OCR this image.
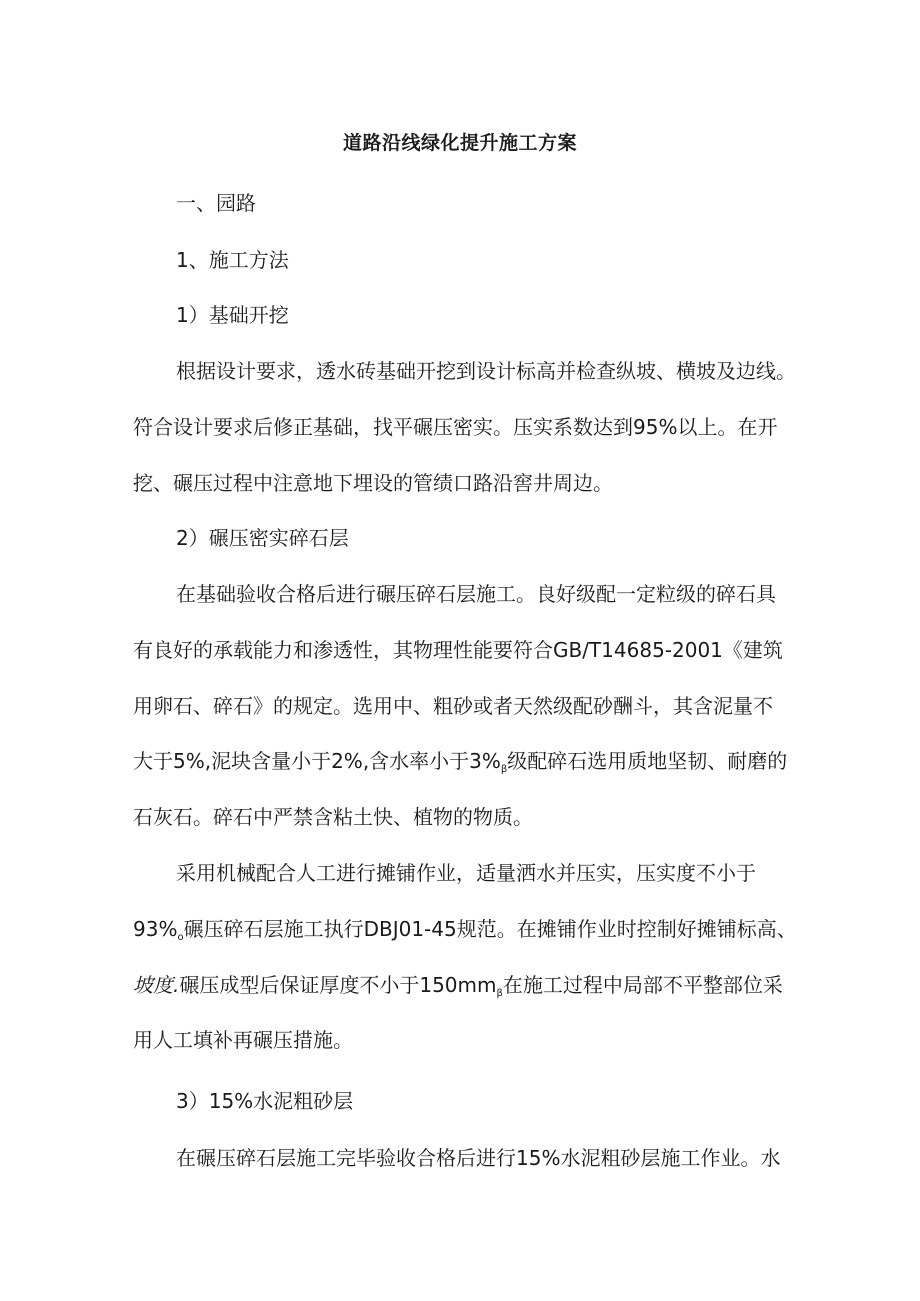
道路沿线绿化提升施工方案
一、园路
1、施工方法
1）基础开挖
根据设计要求，透水砖基础开挖到设计标高并检查纵坡、横坡及边线。
符合设计要求后修正基础，找平碾压密实。压实系数达到95%以上。在开
挖、碾压过程中注意地下埋设的管绩口路沿窖井周边。
2）碾压密实碎石层
在基础验收合格后进行碾压碎石层施工。良好级配一定粒级的碎石具
有良好的承载能力和渗透性，其物理性能要符合GB/T14685-2001《建筑
用卵石、碎石》的规定。选用中、粗砂或者天然级配砂酬斗，其含泥量不
大于5%,泥块含量小于2%,含水率小于$3\%_\beta$级配碎石选用质地坚韧、耐磨的
石灰石。碎石中严禁含粘土快、植物的物质。
采用机械配合人工进行摊铺作业，适量洒水并压实，压实度不小于
$93\%_o$碾压碎石层施工执行DBJ01-45规范。在摊铺作业时控制好摊铺标高、
坡度.碾压成型后保证厚度不小于$150mm_\beta$在施工过程中局部不平整部位采
用人工填补再碾压措施。
3）15%水泥粗砂层
在碾压碎石层施工完毕验收合格后进行15%水泥粗砂层施工作业。水
